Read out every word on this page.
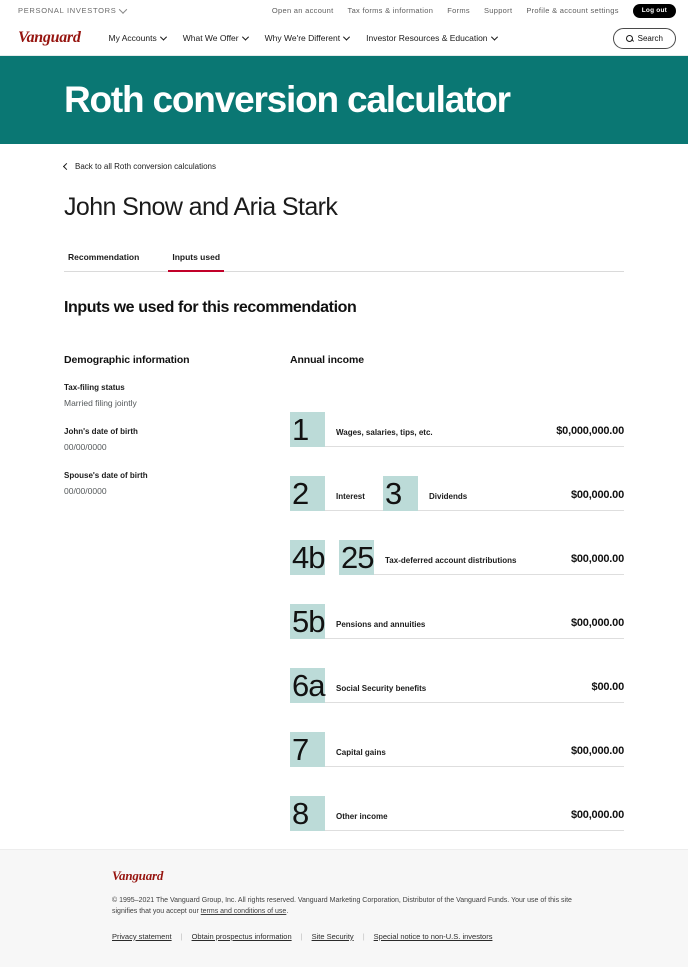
PERSONAL INVESTORS	Open an account Tax forms & information Forms Support Profile & account settings	Log out
Vanguard	My Accounts	What We Offer	Why We're Different	Investor Resources & Education	Search
Roth conversion calculator
Back to all Roth conversion calculations
John Snow and Aria Stark
Recommendation	Inputs used
Inputs we used for this recommendation
Demographic information
Tax-filing status
Married filing jointly
John's date of birth
00/00/0000
Spouse's date of birth
00/00/0000
Annual income
1	Wages, salaries, tips, etc.	$0,000,000.00
2	Interest 3	Dividends	$00,000.00
4b 25 Tax-deferred account distributions	$00,000.00
5b Pensions and annuities	$00,000.00
6a Social Security benefits	$00.00
7	Capital gains	$00,000.00
8	Other income	$00,000.00
Vanguard
© 1995–2021 The Vanguard Group, Inc. All rights reserved. Vanguard Marketing Corporation, Distributor of the Vanguard Funds. Your use of this site signifies that you accept our terms and conditions of use.
Privacy statement | Obtain prospectus information | Site Security | Special notice to non-U.S. investors
